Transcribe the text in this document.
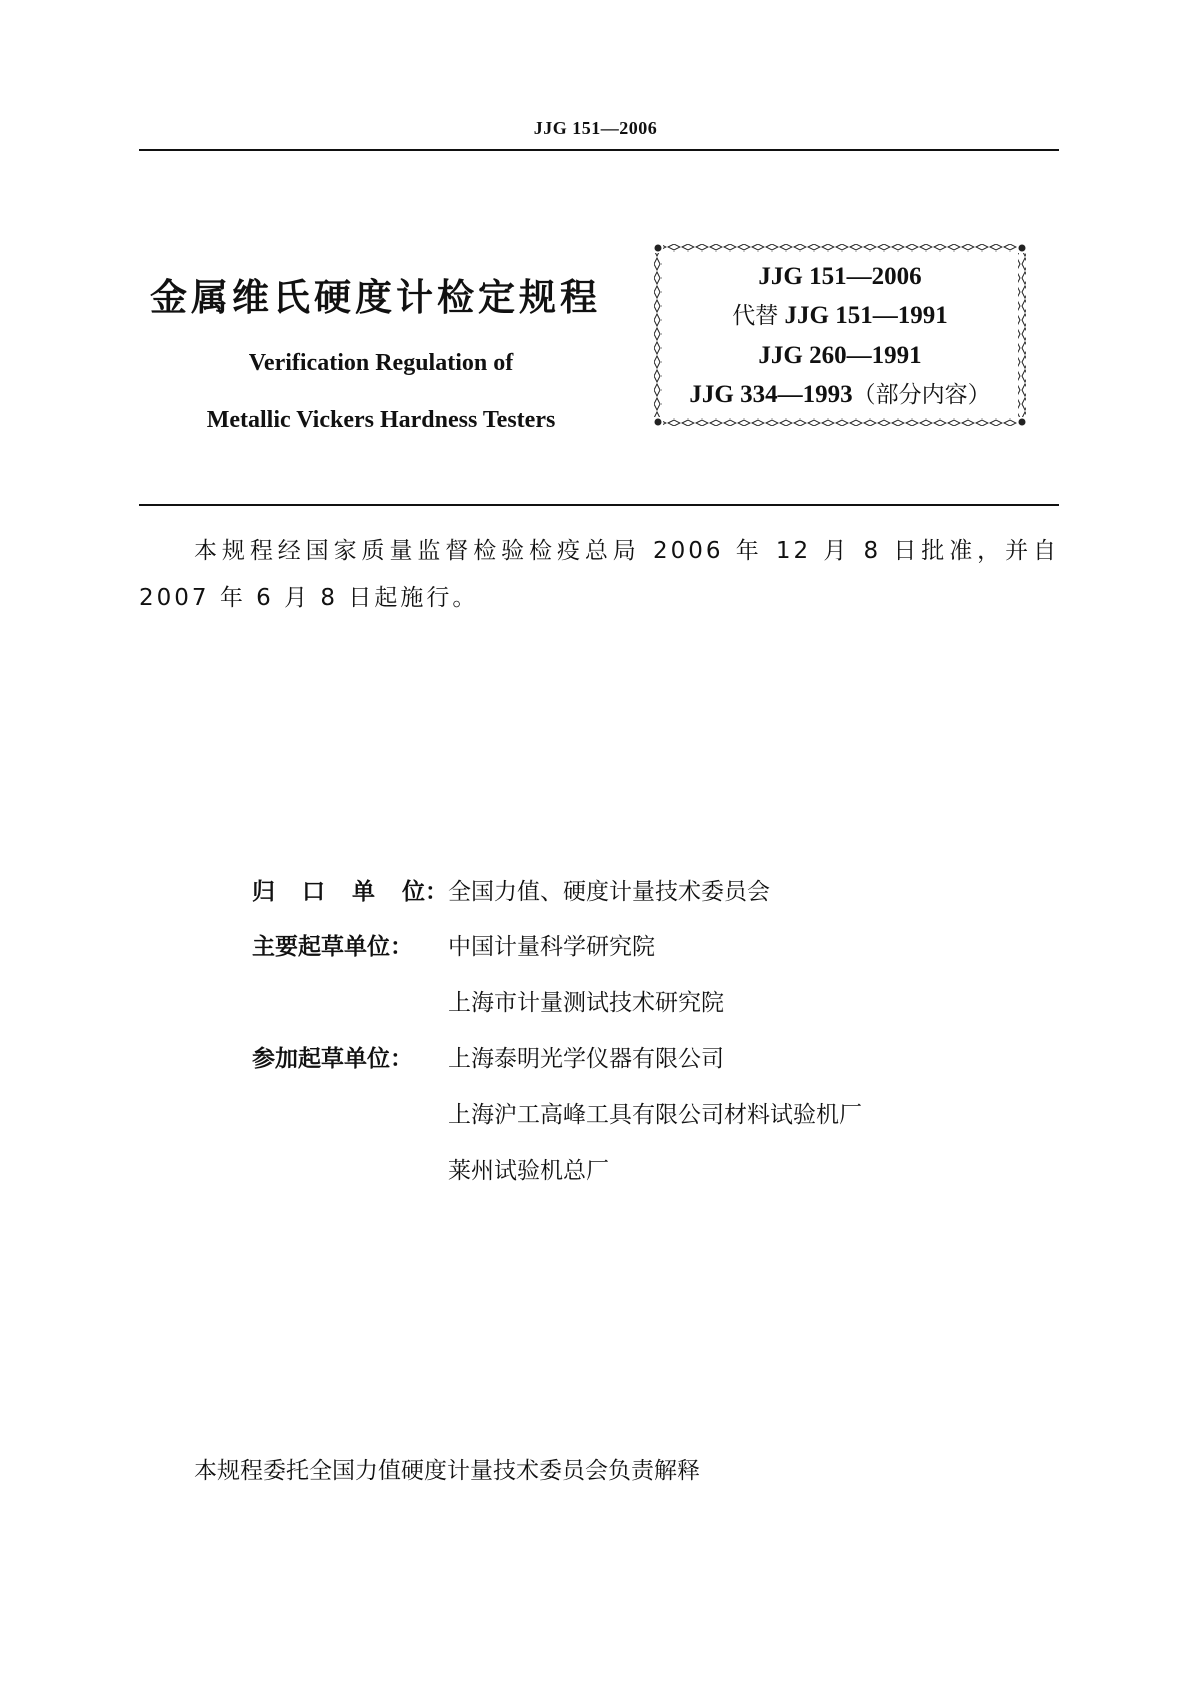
JJG 151—2006
金属维氏硬度计检定规程
Verification Regulation of
Metallic Vickers Hardness Testers
JJG 151—2006
代替 JJG 151—1991
JJG 260—1991
JJG 334—1993（部分内容）
本规程经国家质量监督检验检疫总局 2006 年 12 月 8 日批准，并自 2007 年 6 月 8 日起施行。
归 口 单 位： 全国力值、硬度计量技术委员会
主要起草单位：	中国计量科学研究院
上海市计量测试技术研究院
参加起草单位：	上海泰明光学仪器有限公司
上海沪工高峰工具有限公司材料试验机厂
莱州试验机总厂
本规程委托全国力值硬度计量技术委员会负责解释
